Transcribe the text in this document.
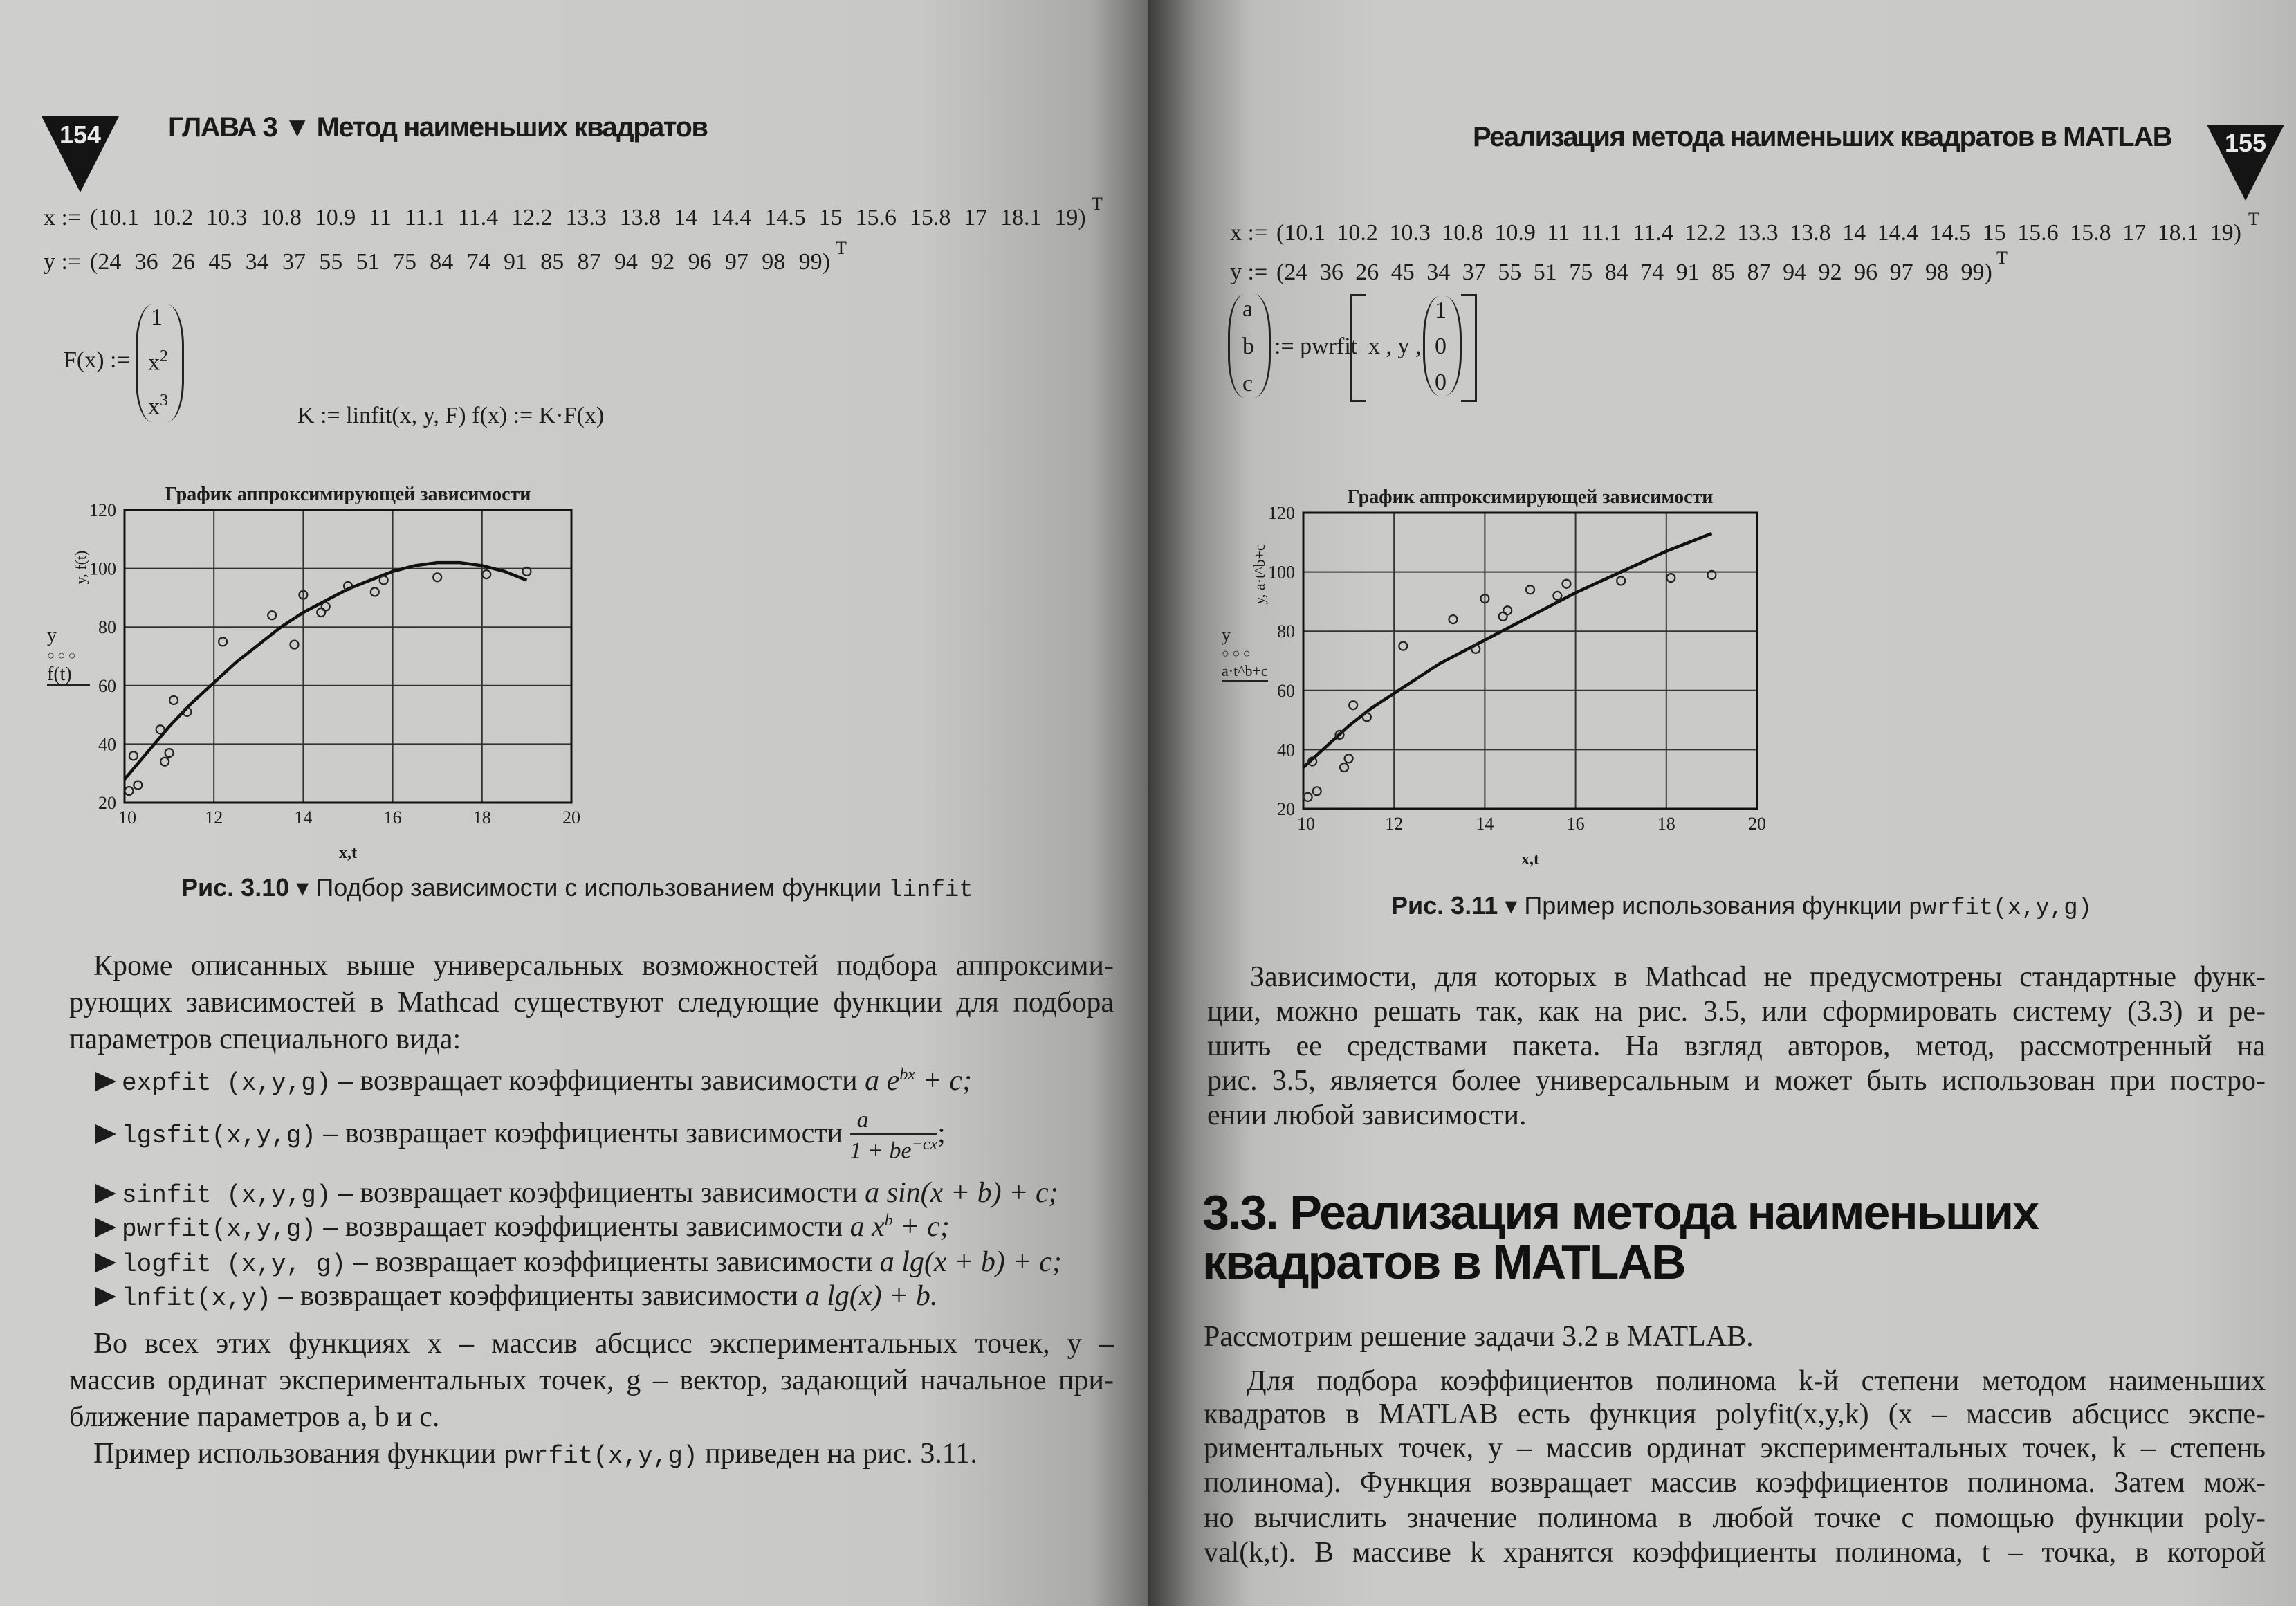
154 ГЛАВА 3 ▼ Метод наименьших квадратов
x := (10.1 10.2 10.3 10.8 10.9 11 11.1 11.4 12.2 13.3 13.8 14 14.4 14.5 15 15.6 15.8 17 18.1 19)
T
y := (24 36 26 45 34 37 55 51 75 84 74 91 85 87 94 92 96 97 98 99)
T
F(x) :=
1
$x^2$
$x^3$
K := linfit(x, y, F) f(x) := K·F(x)
y
○ ○ ○
f(t)
y, f(t)
График аппроксимирующей зависимости
10	12	14	16	18	20
20
40
60
80
100
120
x,t
Рис. 3.10 ▾ Подбор зависимости с использованием функции linfit
Кроме описанных выше универсальных возможностей подбора аппроксими-
рующих зависимостей в Mathcad существуют следующие функции для подбора
параметров специального вида:
expfit (x,y,g) – возвращает коэффициенты зависимости a $e^{bx} + c$;
lgsfit(x,y,g) – возвращает коэффициенты зависимости $\frac{a}{1 + be^{-cx}}$ ;
sinfit (x,y,g) – возвращает коэффициенты зависимости a sin(x + b) + c;
pwrfit(x,y,g) – возвращает коэффициенты зависимости a $x^b + c$;
logfit (x,y, g) – возвращает коэффициенты зависимости a lg(x + b) + c;
lnfit(x,y) – возвращает коэффициенты зависимости a lg(x) + b.
Во всех этих функциях x – массив абсцисс экспериментальных точек, y –
массив ординат экспериментальных точек, g – вектор, задающий начальное при-
ближение параметров a, b и c.
Пример использования функции pwrfit(x,y,g) приведен на рис. 3.11.
Реализация метода наименьших квадратов в MATLAB 155
x := (10.1 10.2 10.3 10.8 10.9 11 11.1 11.4 12.2 13.3 13.8 14 14.4 14.5 15 15.6 15.8 17 18.1 19)
T
y := (24 36 26 45 34 37 55 51 75 84 74 91 85 87 94 92 96 97 98 99)
T
a
b
c
:= pwrfit x , y ,
1
0
0
y
○ ○ ○
a·t^b+c
y, a·t^b+c
График аппроксимирующей зависимости
10	12	14	16	18	20
20
40
60
80
100
120
x,t
Рис. 3.11 ▾ Пример использования функции pwrfit(x,y,g)
Зависимости, для которых в Mathcad не предусмотрены стандартные функ-
ции, можно решать так, как на рис. 3.5, или сформировать систему (3.3) и ре-
шить ее средствами пакета. На взгляд авторов, метод, рассмотренный на
рис. 3.5, является более универсальным и может быть использован при постро-
ении любой зависимости.
3.3. Реализация метода наименьших
квадратов в MATLAB
Рассмотрим решение задачи 3.2 в MATLAB.
Для подбора коэффициентов полинома k-й степени методом наименьших
квадратов в MATLAB есть функция polyfit(x,y,k) (x – массив абсцисс экспе-
риментальных точек, y – массив ординат экспериментальных точек, k – степень
полинома). Функция возвращает массив коэффициентов полинома. Затем мож-
но вычислить значение полинома в любой точке с помощью функции poly-
val(k,t). В массиве k хранятся коэффициенты полинома, t – точка, в которой
